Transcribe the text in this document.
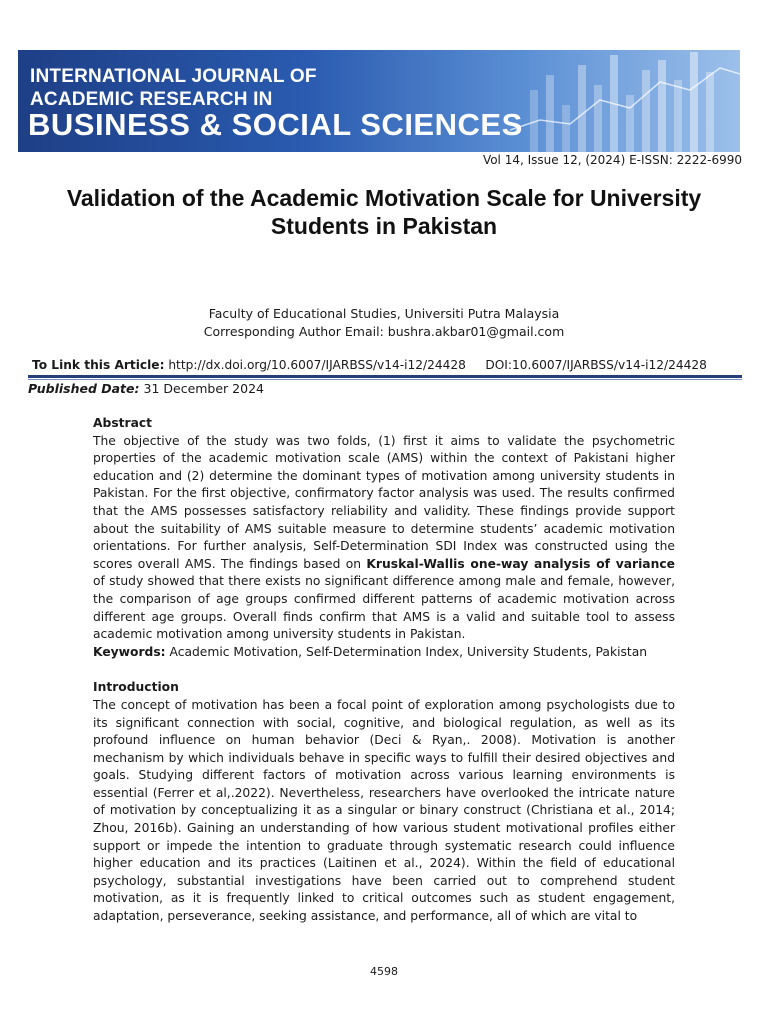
INTERNATIONAL JOURNAL OF
ACADEMIC RESEARCH IN
BUSINESS & SOCIAL SCIENCES
Vol 14, Issue 12, (2024) E-ISSN: 2222-6990
Validation of the Academic Motivation Scale for University Students in Pakistan
Faculty of Educational Studies, Universiti Putra Malaysia
Corresponding Author Email: bushra.akbar01@gmail.com
To Link this Article: http://dx.doi.org/10.6007/IJARBSS/v14-i12/24428 DOI:10.6007/IJARBSS/v14-i12/24428
Published Date: 31 December 2024

Abstract

The objective of the study was two folds, (1) first it aims to validate the psychometric properties of the academic motivation scale (AMS) within the context of Pakistani higher education and (2) determine the dominant types of motivation among university students in Pakistan. For the first objective, confirmatory factor analysis was used. The results confirmed that the AMS possesses satisfactory reliability and validity. These findings provide support about the suitability of AMS suitable measure to determine students’ academic motivation orientations. For further analysis, Self-Determination SDI Index was constructed using the scores overall AMS. The findings based on Kruskal-Wallis one-way analysis of variance of study showed that there exists no significant difference among male and female, however, the comparison of age groups confirmed different patterns of academic motivation across different age groups. Overall finds confirm that AMS is a valid and suitable tool to assess academic motivation among university students in Pakistan.

Keywords: Academic Motivation, Self-Determination Index, University Students, Pakistan

Introduction

The concept of motivation has been a focal point of exploration among psychologists due to its significant connection with social, cognitive, and biological regulation, as well as its profound influence on human behavior (Deci & Ryan,. 2008). Motivation is another mechanism by which individuals behave in specific ways to fulfill their desired objectives and goals. Studying different factors of motivation across various learning environments is essential (Ferrer et al,.2022). Nevertheless, researchers have overlooked the intricate nature of motivation by conceptualizing it as a singular or binary construct (Christiana et al., 2014; Zhou, 2016b). Gaining an understanding of how various student motivational profiles either support or impede the intention to graduate through systematic research could influence higher education and its practices (Laitinen et al., 2024). Within the field of educational psychology, substantial investigations have been carried out to comprehend student motivation, as it is frequently linked to critical outcomes such as student engagement, adaptation, perseverance, seeking assistance, and performance, all of which are vital to

4598
